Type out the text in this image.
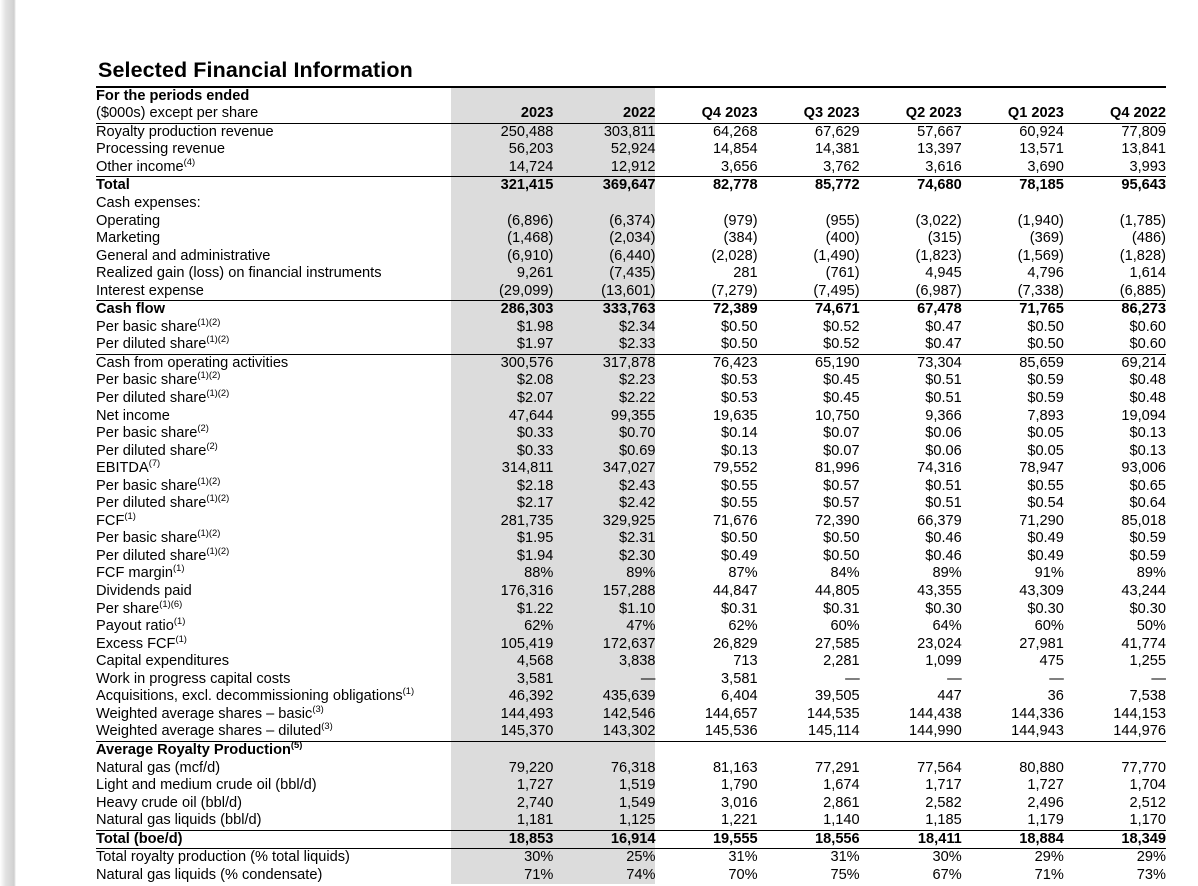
Selected Financial Information
For the periods ended							
($000s) except per share	2023	2022	Q4 2023	Q3 2023	Q2 2023	Q1 2023	Q4 2022
Royalty production revenue	250,488	303,811	64,268	67,629	57,667	60,924	77,809
Processing revenue	56,203	52,924	14,854	14,381	13,397	13,571	13,841
Other income$^{(4)}$	14,724	12,912	3,656	3,762	3,616	3,690	3,993
Total	321,415	369,647	82,778	85,772	74,680	78,185	95,643
Cash expenses:							
Operating	(6,896)	(6,374)	(979)	(955)	(3,022)	(1,940)	(1,785)
Marketing	(1,468)	(2,034)	(384)	(400)	(315)	(369)	(486)
General and administrative	(6,910)	(6,440)	(2,028)	(1,490)	(1,823)	(1,569)	(1,828)
Realized gain (loss) on financial instruments	9,261	(7,435)	281	(761)	4,945	4,796	1,614
Interest expense	(29,099)	(13,601)	(7,279)	(7,495)	(6,987)	(7,338)	(6,885)
Cash flow	286,303	333,763	72,389	74,671	67,478	71,765	86,273
Per basic share$^{(1)(2)}$	$1.98	$2.34	$0.50	$0.52	$0.47	$0.50	$0.60
Per diluted share$^{(1)(2)}$	$1.97	$2.33	$0.50	$0.52	$0.47	$0.50	$0.60
Cash from operating activities	300,576	317,878	76,423	65,190	73,304	85,659	69,214
Per basic share$^{(1)(2)}$	$2.08	$2.23	$0.53	$0.45	$0.51	$0.59	$0.48
Per diluted share$^{(1)(2)}$	$2.07	$2.22	$0.53	$0.45	$0.51	$0.59	$0.48
Net income	47,644	99,355	19,635	10,750	9,366	7,893	19,094
Per basic share$^{(2)}$	$0.33	$0.70	$0.14	$0.07	$0.06	$0.05	$0.13
Per diluted share$^{(2)}$	$0.33	$0.69	$0.13	$0.07	$0.06	$0.05	$0.13
EBITDA$^{(7)}$	314,811	347,027	79,552	81,996	74,316	78,947	93,006
Per basic share$^{(1)(2)}$	$2.18	$2.43	$0.55	$0.57	$0.51	$0.55	$0.65
Per diluted share$^{(1)(2)}$	$2.17	$2.42	$0.55	$0.57	$0.51	$0.54	$0.64
FCF$^{(1)}$	281,735	329,925	71,676	72,390	66,379	71,290	85,018
Per basic share$^{(1)(2)}$	$1.95	$2.31	$0.50	$0.50	$0.46	$0.49	$0.59
Per diluted share$^{(1)(2)}$	$1.94	$2.30	$0.49	$0.50	$0.46	$0.49	$0.59
FCF margin$^{(1)}$	88%	89%	87%	84%	89%	91%	89%
Dividends paid	176,316	157,288	44,847	44,805	43,355	43,309	43,244
Per share$^{(1)(6)}$	$1.22	$1.10	$0.31	$0.31	$0.30	$0.30	$0.30
Payout ratio$^{(1)}$	62%	47%	62%	60%	64%	60%	50%
Excess FCF$^{(1)}$	105,419	172,637	26,829	27,585	23,024	27,981	41,774
Capital expenditures	4,568	3,838	713	2,281	1,099	475	1,255
Work in progress capital costs	3,581	—	3,581	—	—	—	—
Acquisitions, excl. decommissioning obligations$^{(1)}$	46,392	435,639	6,404	39,505	447	36	7,538
Weighted average shares – basic$^{(3)}$	144,493	142,546	144,657	144,535	144,438	144,336	144,153
Weighted average shares – diluted$^{(3)}$	145,370	143,302	145,536	145,114	144,990	144,943	144,976
Average Royalty Production$^{(5)}$							
Natural gas (mcf/d)	79,220	76,318	81,163	77,291	77,564	80,880	77,770
Light and medium crude oil (bbl/d)	1,727	1,519	1,790	1,674	1,717	1,727	1,704
Heavy crude oil (bbl/d)	2,740	1,549	3,016	2,861	2,582	2,496	2,512
Natural gas liquids (bbl/d)	1,181	1,125	1,221	1,140	1,185	1,179	1,170
Total (boe/d)	18,853	16,914	19,555	18,556	18,411	18,884	18,349
Total royalty production (% total liquids)	30%	25%	31%	31%	30%	29%	29%
Natural gas liquids (% condensate)	71%	74%	70%	75%	67%	71%	73%
